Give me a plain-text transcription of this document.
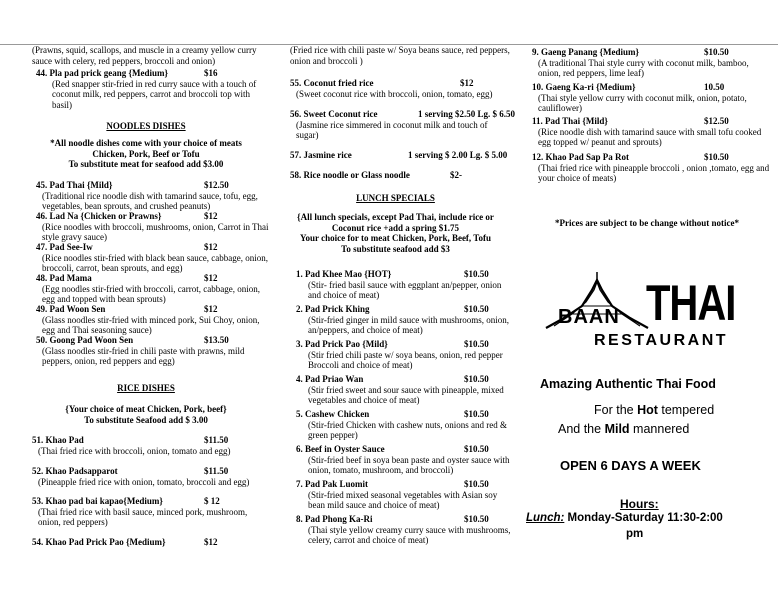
(Prawns, squid, scallops, and muscle in a creamy yellow curry sauce with celery, red peppers, broccoli and onion)
44. Pla pad prick geang {Medium}	$16
(Red snapper stir-fried in red curry sauce with a touch of coconut milk, red peppers, carrot and broccoli top with basil)
NOODLES DISHES
*All noodle dishes come with your choice of meats
Chicken, Pork, Beef or Tofu
To substitute meat for seafood add $3.00
45. Pad Thai {Mild}	$12.50
(Traditional rice noodle dish with tamarind sauce, tofu, egg, vegetables, bean sprouts, and crushed peanuts)
46. Lad Na {Chicken or Prawns}	$12
(Rice noodles with broccoli, mushrooms, onion, Carrot in Thai style gravy sauce)
47. Pad See-Iw	$12
(Rice noodles stir-fried with black bean sauce, cabbage, onion, broccoli, carrot, bean sprouts, and egg)
48. Pad Mama	$12
(Egg noodles stir-fried with broccoli, carrot, cabbage, onion, egg and topped with bean sprouts)
49. Pad Woon Sen	$12
(Glass noodles stir-fried with minced pork, Sui Choy, onion, egg and Thai seasoning sauce)
50. Goong Pad Woon Sen	$13.50
(Glass noodles stir-fried in chili paste with prawns, mild peppers, onion, red peppers and egg)
RICE DISHES
{Your choice of meat Chicken, Pork, beef}
To substitute Seafood add $ 3.00
51. Khao Pad	$11.50
(Thai fried rice with broccoli, onion, tomato and egg)
52. Khao Padsapparot	$11.50
(Pineapple fried rice with onion, tomato, broccoli and egg)
53. Khao pad bai kapao{Medium}	$ 12
(Thai fried rice with basil sauce, minced pork, mushroom, onion, red peppers)
54. Khao Pad Prick Pao {Medium}	$12
(Fried rice with chili paste w/ Soya beans sauce, red peppers, onion and broccoli )
55. Coconut fried rice	$12
(Sweet coconut rice with broccoli, onion, tomato, egg)
56. Sweet Coconut rice	1 serving $2.50 Lg. $ 6.50
(Jasmine rice simmered in coconut milk and touch of sugar)
57. Jasmine rice	1 serving $ 2.00 Lg. $ 5.00
58. Rice noodle or Glass noodle	$2-
LUNCH SPECIALS
{All lunch specials, except Pad Thai, include rice or
Coconut rice +add a spring $1.75
Your choice for to meat Chicken, Pork, Beef, Tofu
To substitute seafood add $3
1. Pad Khee Mao {HOT}	$10.50
(Stir- fried basil sauce with eggplant an/pepper, onion and choice of meat)
2. Pad Prick Khing	$10.50
(Stir-fried ginger in mild sauce with mushrooms, onion, an/peppers, and choice of meat)
3. Pad Prick Pao {Mild}	$10.50
(Stir fried chili paste w/ soya beans, onion, red pepper Broccoli and choice of meat)
4. Pad Priao Wan	$10.50
(Stir fried sweet and sour sauce with pineapple, mixed vegetables and choice of meat)
5. Cashew Chicken	$10.50
(Stir-fried Chicken with cashew nuts, onions and red & green pepper)
6. Beef in Oyster Sauce	$10.50
(Stir-fried beef in soya bean paste and oyster sauce with onion, tomato, mushroom, and broccoli)
7. Pad Pak Luomit	$10.50
(Stir-fried mixed seasonal vegetables with Asian soy bean mild sauce and choice of meat)
8. Pad Phong Ka-Ri	$10.50
(Thai style yellow creamy curry sauce with mushrooms, celery, carrot and choice of meat)
9. Gaeng Panang {Medium}	$10.50
(A traditional Thai style curry with coconut milk, bamboo, onion, red peppers, lime leaf)
10. Gaeng Ka-ri {Medium}	10.50
(Thai style yellow curry with coconut milk, onion, potato, cauliflower)
11. Pad Thai {Mild}	$12.50
(Rice noodle dish with tamarind sauce with small tofu cooked egg topped w/ peanut and sprouts)
12. Khao Pad Sap Pa Rot	$10.50
(Thai fried rice with pineapple broccoli , onion ,tomato, egg and your choice of meats)
*Prices are subject to be change without notice*
BAAN THAI
RESTAURANT
Amazing Authentic Thai Food
For the Hot tempered
And the Mild mannered
OPEN 6 DAYS A WEEK
Hours:
Lunch: Monday-Saturday 11:30-2:00
pm
